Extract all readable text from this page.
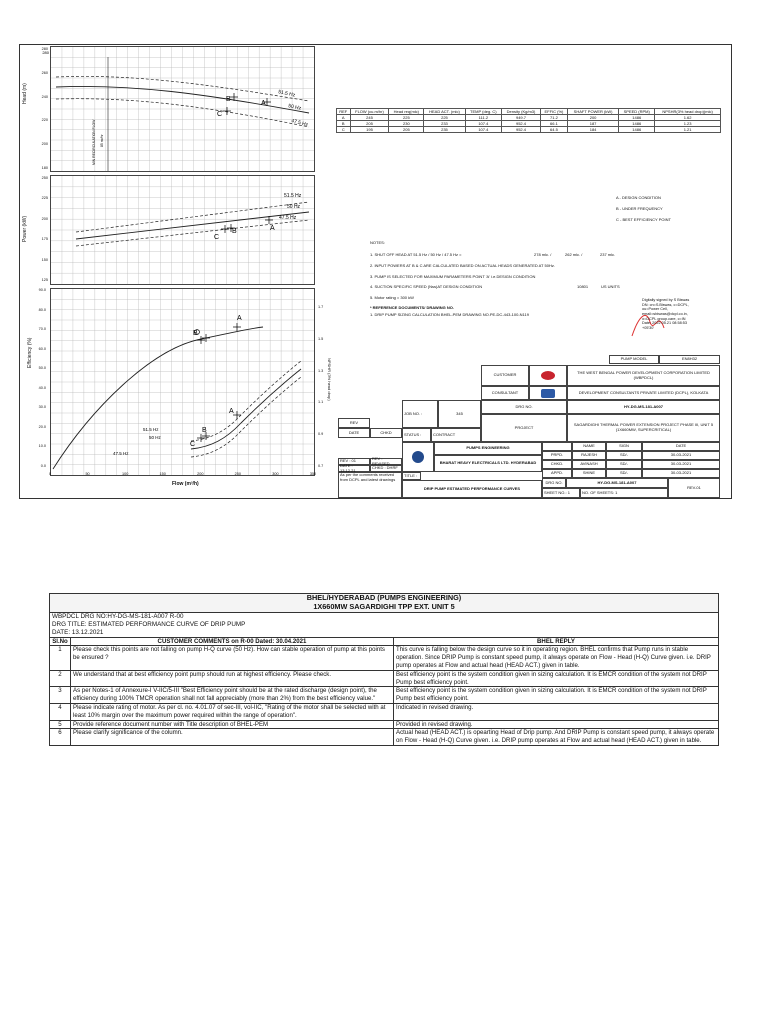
280
MIN RECIRCULATION FLOW 85 m³/hr
51.5 Hz
50 Hz
47.5 Hz
A
B
C
Head (m)
280
260
240
220
200
180
51.5 Hz
50 Hz
47.5 Hz
A
B
C
Power (kW)
250
225
200
175
150
125
51.5 Hz
50 Hz
47.5 Hz
A
B
A
B
C
Efficiency (%)
NPSHR (3% head drop)
Flow (m³/h)
90.0
80.0
70.0
60.0
50.0
40.0
30.0
20.0
10.0
0.0
1.7
1.5
1.3
1.1
0.9
0.7
0	50	100	150	200	250	300	350
REF	FLOW (cu.m/hr)	Head req(mlc)	HEAD ACT. (mlc)	TEMP (deg. C)	Density (Kg/m3)	EFFIC (%)	SHAFT POWER (kW)	SPEED (RPM)	NPSHR(3% head drop)(mlc)
A	245	225	225	111.2	949.7	71.2	200	1486	1.62
B	205	230	233	107.4	952.4	66.1	187	1486	1.23
C	195	205	235	107.4	952.4	64.5	184	1486	1.21
A - DESIGN CONDITION
B - UNDER FREQUENCY
C - BEST EFFICIENCY POINT
NOTES:
1. SHUT OFF HEAD AT 51.5 Hz / 50 Hz / 47.5 Hz =	278 mlc. /	262 mlc. /	237 mlc.
2. INPUT POWERS AT B & C ARE CALCULATED BASED ON ACTUAL HEADS GENERATED AT 50Hz.
3. PUMP IS SELECTED FOR MAXIMUM PARAMETERS POINT 'A' i.e.DESIGN CONDITION
4. SUCTION SPECIFIC SPEED (Nss)AT DESIGN CONDITION	10801	US UNITS
5. Motor rating = 300 kW
* REFERENCE DOCUMENTS/ DRAWING NO.
1. DRIP PUMP SIZING CALCULATION BHEL-PEM DRAWING NO.PE-DC-443-100-N119
Digitally signed by S Biswas DN: cn=S.Biswas, c=DCPL, ou=Power Cell, email=sbiswas@dcpl.co.in, o=DCPL group.care, c=IN Date: 2022.05.21 08:58:53 +05'30'
PUMP MODEL	EN8H32
CUSTOMER	THE WEST BENGAL POWER DEVELOPMENT CORPORATION LIMITED (WBPDCL)
CONSULTANT	DEVELOPMENT CONSULTANTS PRIVATE LIMITED (DCPL), KOLKATA
DRG NO.	HY-DG-MS-181-A007
REV
DATE	CHKD
JOB NO. :	345
STATUS :	CONTRACT
PROJECT	SAGARDIGHI THERMAL POWER EXTENSION PROJECT PHASE III, UNIT 5 (1X660MW, SUPERCRITICAL)
REV : 01	REV : REVISED
DATE : 13.12.21	CHKD : DHRF
As per the comments received from DCPL and latest drawings
TITLE :
PUMPS ENGINEERING
BHARAT HEAVY ELECTRICALS LTD. HYDERABAD
DRIP PUMP ESTIMATED PERFORMANCE CURVES
NAME	SIGN	DATE
PRPD.	RAJESH	SD/-	30-03-2021
CHKD.	AVINASH	SD/-	30-03-2021
APPD.	SHINE	SD/-	30-03-2021
DRG NO.	HY-DG-MS-181-A007
REV-01
SHEET NO.: 1	NO. OF SHEETS: 1
BHEL/HYDERABAD (PUMPS ENGINEERING)
1X660MW SAGARDIGHI TPP EXT. UNIT 5		

WBPDCL DRG NO:HY-DG-MS-181-A007 R-00
DRG TITLE: ESTIMATED PERFORMANCE CURVE OF DRIP PUMP
DATE: 13.12.2021		

Sl.No	CUSTOMER COMMENTS on R-00 Dated: 30.04.2021	BHEL REPLY
1	Please check this points are not falling on pump H-Q curve (50 Hz). How can stable operation of pump at this points be ensured ?	This curve is falling below the design curve so it in operating region. BHEL confirms that Pump runs in stable operation. Since DRIP Pump is constant speed pump, it always operate on Flow - Head (H-Q) Curve given. i.e. DRIP pump operates at Flow and actual head (HEAD ACT.) given in table.
2	We understand that at best efficiency point pump should run at highest efficiency. Please check.	Best efficiency point is the system condition given in sizing calculation. It is EMCR condition of the system not DRIP Pump best efficiency point.
3	As per Notes-1 of Annexure-I V-IIC/5-III "Best Efficiency point should be at the rated discharge (design point), the efficiency during 100% TMCR operation shall not fall appreciably (more than 2%) from the best efficiency value."	Best efficiency point is the system condition given in sizing calculation. It is EMCR condition of the system not DRIP Pump best efficiency point.
4	Please indicate rating of motor. As per cl. no. 4.01.07 of sec-III, vol-IIC, "Rating of the motor shall be selected with at least 10% margin over the maximum power required within the range of operation".	Indicated in revised drawing.
5	Provide reference document number with Title description of BHEL-PEM	Provided in revised drawing.
6	Please clarify significance of the column.	Actual head (HEAD ACT.) is opearting Head of Drip pump. And DRIP Pump is constant speed pump, it always operate on Flow - Head (H-Q) Curve given. i.e. DRIP pump operates at Flow and actual head (HEAD ACT.) given in table.
